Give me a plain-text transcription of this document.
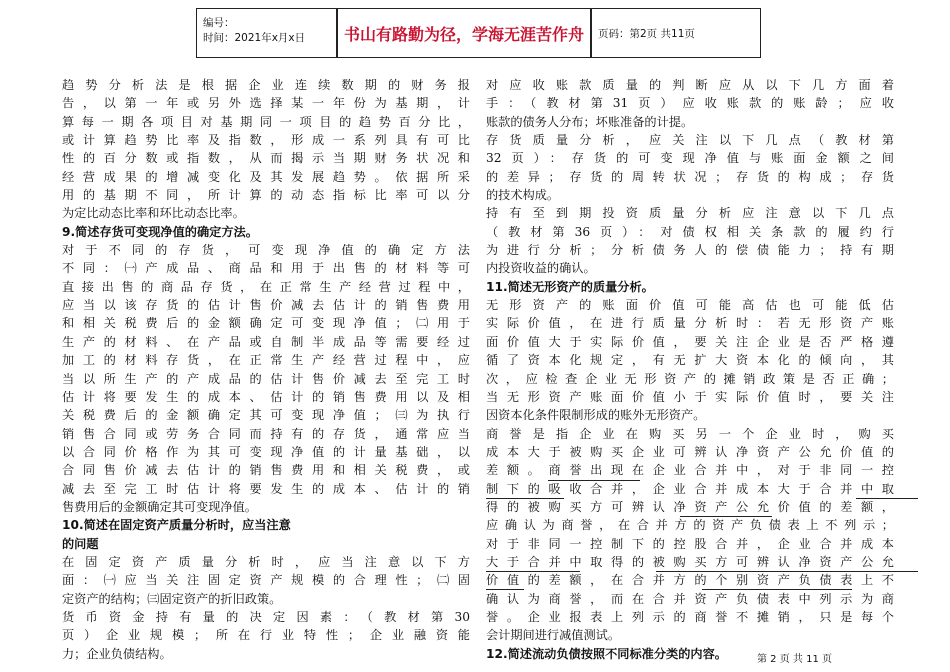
编号：
时间：2021年x月x日	书山有路勤为径，学海无涯苦作舟 页码：第2页 共11页
趋势分析法是根据企业连续数期的财务报
告，以第一年或另外选择某一年份为基期，计
算每一期各项目对基期同一项目的趋势百分比，
或计算趋势比率及指数，形成一系列具有可比
性的百分数或指数，从而揭示当期财务状况和
经营成果的增减变化及其发展趋势。依据所采
用的基期不同，所计算的动态指标比率可以分
为定比动态比率和环比动态比率。
9.简述存货可变现净值的确定方法。
对于不同的存货，可变现净值的确定方法
不同：㈠产成品、商品和用于出售的材料等可
直接出售的商品存货，在正常生产经营过程中，
应当以该存货的估计售价减去估计的销售费用
和相关税费后的金额确定可变现净值；㈡用于
生产的材料、在产品或自制半成品等需要经过
加工的材料存货，在正常生产经营过程中，应
当以所生产的产成品的估计售价减去至完工时
估计将要发生的成本、估计的销售费用以及相
关税费后的金额确定其可变现净值；㈢为执行
销售合同或劳务合同而持有的存货，通常应当
以合同价格作为其可变现净值的计量基础，以
合同售价减去估计的销售费用和相关税费，或
减去至完工时估计将要发生的成本、估计的销
售费用后的金额确定其可变现净值。
10.简述在固定资产质量分析时，应当注意
的问题
在固定资产质量分析时，应当注意以下方
面：㈠应当关注固定资产规模的合理性；㈡固
定资产的结构；㈢固定资产的折旧政策。
货币资金持有量的决定因素：（教材第30
页）企业规模；所在行业特性；企业融资能
力；企业负债结构。
对应收账款质量的判断应从以下几方面着
手：（教材第31页）应收账款的账龄；应收
账款的债务人分布；坏账准备的计提。
存货质量分析，应关注以下几点（教材第
32页）：存货的可变现净值与账面金额之间
的差异；存货的周转状况；存货的构成；存货
的技术构成。
持有至到期投资质量分析应注意以下几点
（教材第36页）：对债权相关条款的履约行
为进行分析；分析债务人的偿债能力；持有期
内投资收益的确认。
11.简述无形资产的质量分析。
无形资产的账面价值可能高估也可能低估
实际价值，在进行质量分析时：若无形资产账
面价值大于实际价值，要关注企业是否严格遵
循了资本化规定，有无扩大资本化的倾向，其
次，应检查企业无形资产的摊销政策是否正确；
当无形资产账面价值小于实际价值时，要关注
因资本化条件限制形成的账外无形资产。
商誉是指企业在购买另一个企业时，购买
成本大于被购买企业可辨认净资产公允价值的
差额。商誉出现在企业合并中，对于非同一控
制下的吸收合并，企业合并成本大于合并中取
得的被购买方可辨认净资产公允价值的差额，
应确认为商誉，在合并方的资产负债表上不列示；
对于非同一控制下的控股合并，企业合并成本
大于合并中取得的被购买方可辨认净资产公允
价值的差额，在合并方的个别资产负债表上不
确认为商誉，而在合并资产负债表中列示为商
誉。企业报表上列示的商誉不摊销，只是每个
会计期间进行减值测试。
12.简述流动负债按照不同标准分类的内容。	第 2 页 共 11 页
